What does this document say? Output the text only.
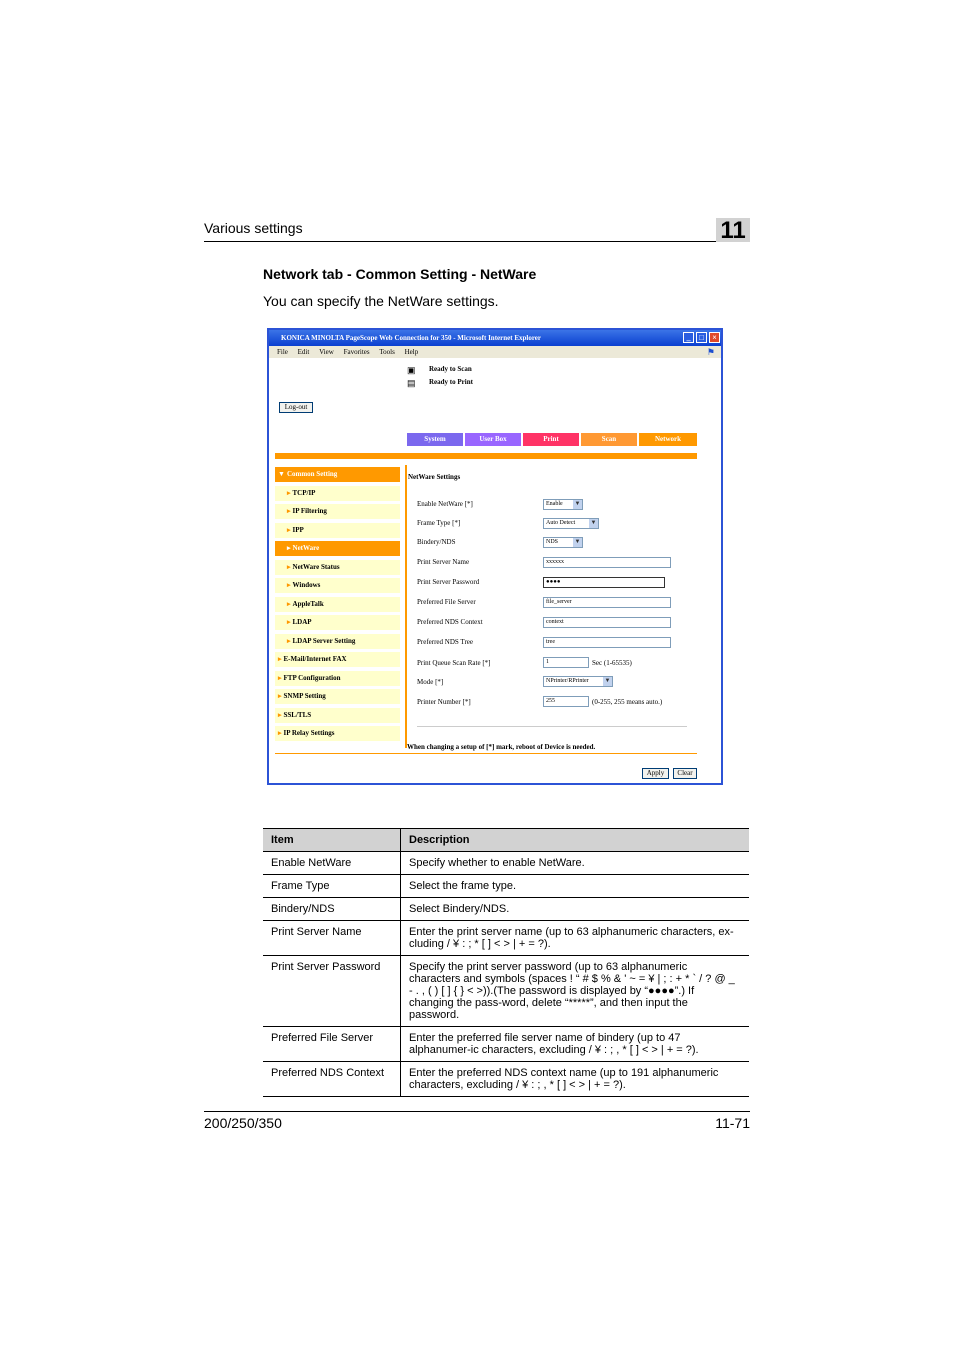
Various settings	11
Network tab - Common Setting - NetWare
You can specify the NetWare settings.
KONICA MINOLTA PageScope Web Connection for 350 - Microsoft Internet Explorer	_	□	×
File Edit View Favorites Tools Help	⚑
▣ Ready to Scan
▤ Ready to Print
Log-out
System	User Box	Print	Scan	Network
▼ Common Setting
▸ TCP/IP
▸ IP Filtering
▸ IPP
▸ NetWare
▸ NetWare Status
▸ Windows
▸ AppleTalk
▸ LDAP
▸ LDAP Server Setting
▸ E-Mail/Internet FAX
▸ FTP Configuration
▸ SNMP Setting
▸ SSL/TLS
▸ IP Relay Settings
NetWare Settings
Enable NetWare [*]	Enable ▼
Frame Type [*]	Auto Detect	▼
Bindery/NDS	NDS	▼
Print Server Name	xxxxxx
Print Server Password	●●●●
Preferred File Server	file_server
Preferred NDS Context	context
Preferred NDS Tree	tree
Print Queue Scan Rate [*]	1	Sec (1-65535)
Mode [*]	NPrinter/RPrinter	▼
Printer Number [*]	255	(0-255, 255 means auto.)
When changing a setup of [*] mark, reboot of Device is needed.
Apply	Clear
Item	Description
Enable NetWare	Specify whether to enable NetWare.
Frame Type	Select the frame type.
Bindery/NDS	Select Bindery/NDS.
Print Server Name	Enter the print server name (up to 63 alphanumeric characters, ex-cluding / ¥ : ; * [ ] < > | + = ?).
Print Server Password	Specify the print server password (up to 63 alphanumeric characters and symbols (spaces ! “ # $ % & ' ~ = ¥ | ; : + * ` / ? @ _ - . , ( ) [ ] { } < >)).(The password is displayed by “●●●●”.) If changing the pass-word, delete “*****”, and then input the password.
Preferred File Server	Enter the preferred file server name of bindery (up to 47 alphanumer-ic characters, excluding / ¥ : ; , * [ ] < > | + = ?).
Preferred NDS Context	Enter the preferred NDS context name (up to 191 alphanumeric characters, excluding / ¥ : ; , * [ ] < > | + = ?).
200/250/350	11-71
